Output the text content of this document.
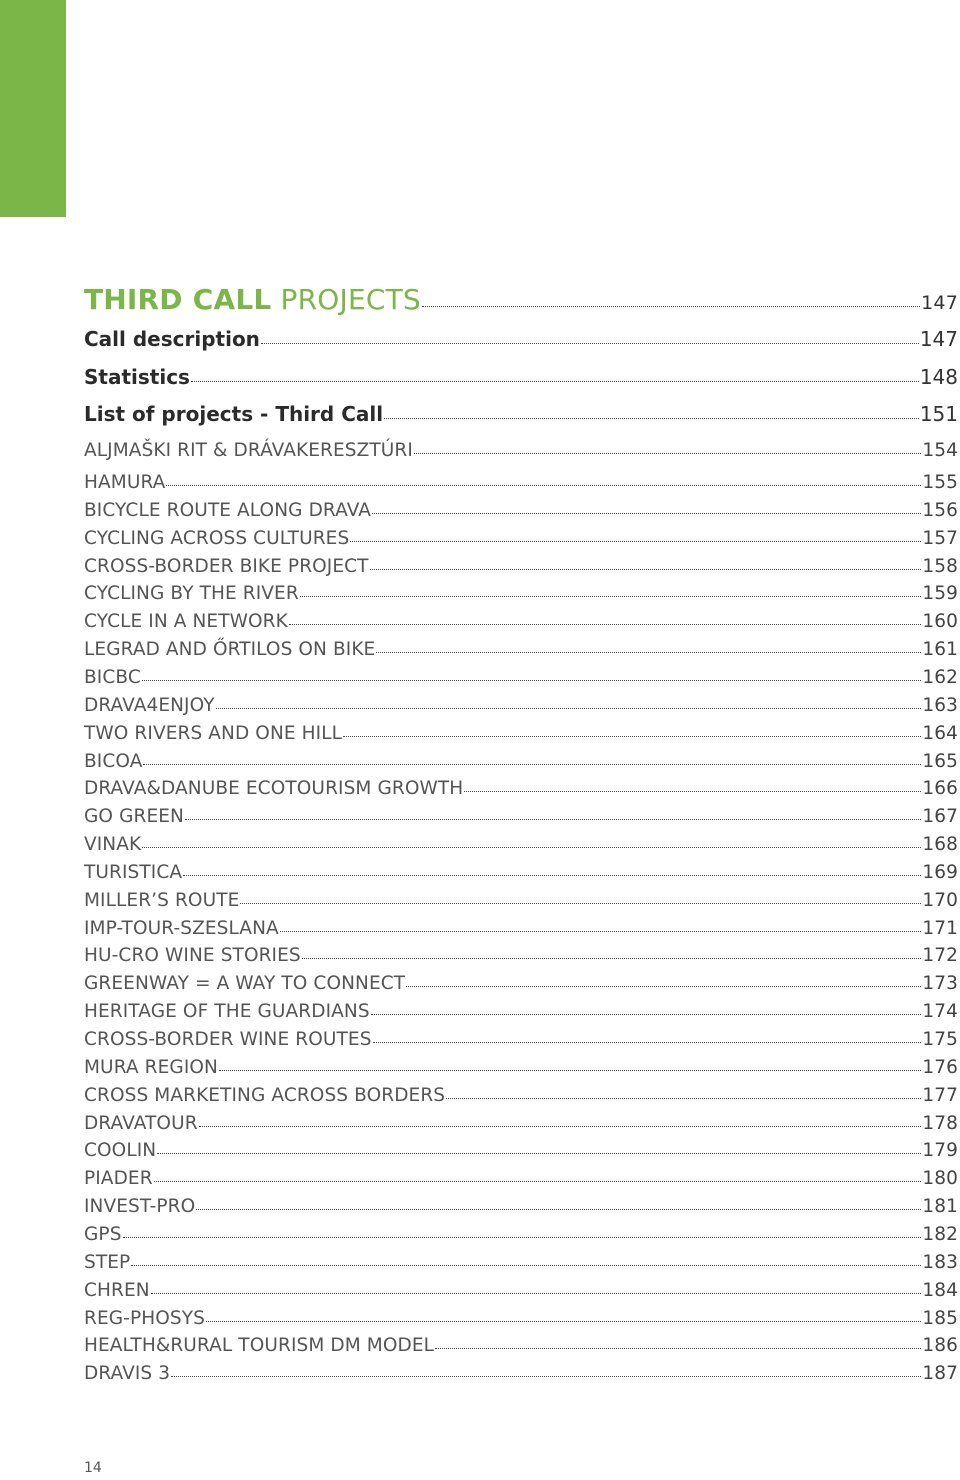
THIRD CALL PROJECTS	147
Call description	147
Statistics	148
List of projects - Third Call	151
ALJMAŠKI RIT & DRÁVAKERESZTÚRI	154
HAMURA	155
BICYCLE ROUTE ALONG DRAVA	156
CYCLING ACROSS CULTURES	157
CROSS-BORDER BIKE PROJECT	158
CYCLING BY THE RIVER	159
CYCLE IN A NETWORK	160
LEGRAD AND ŐRTILOS ON BIKE	161
BICBC	162
DRAVA4ENJOY	163
TWO RIVERS AND ONE HILL	164
BICOA	165
DRAVA&DANUBE ECOTOURISM GROWTH	166
GO GREEN	167
VINAK	168
TURISTICA	169
MILLER’S ROUTE	170
IMP-TOUR-SZESLANA	171
HU-CRO WINE STORIES	172
GREENWAY = A WAY TO CONNECT	173
HERITAGE OF THE GUARDIANS	174
CROSS-BORDER WINE ROUTES	175
MURA REGION	176
CROSS MARKETING ACROSS BORDERS	177
DRAVATOUR	178
COOLIN	179
PIADER	180
INVEST-PRO	181
GPS	182
STEP	183
CHREN	184
REG-PHOSYS	185
HEALTH&RURAL TOURISM DM MODEL	186
DRAVIS 3	187
14
